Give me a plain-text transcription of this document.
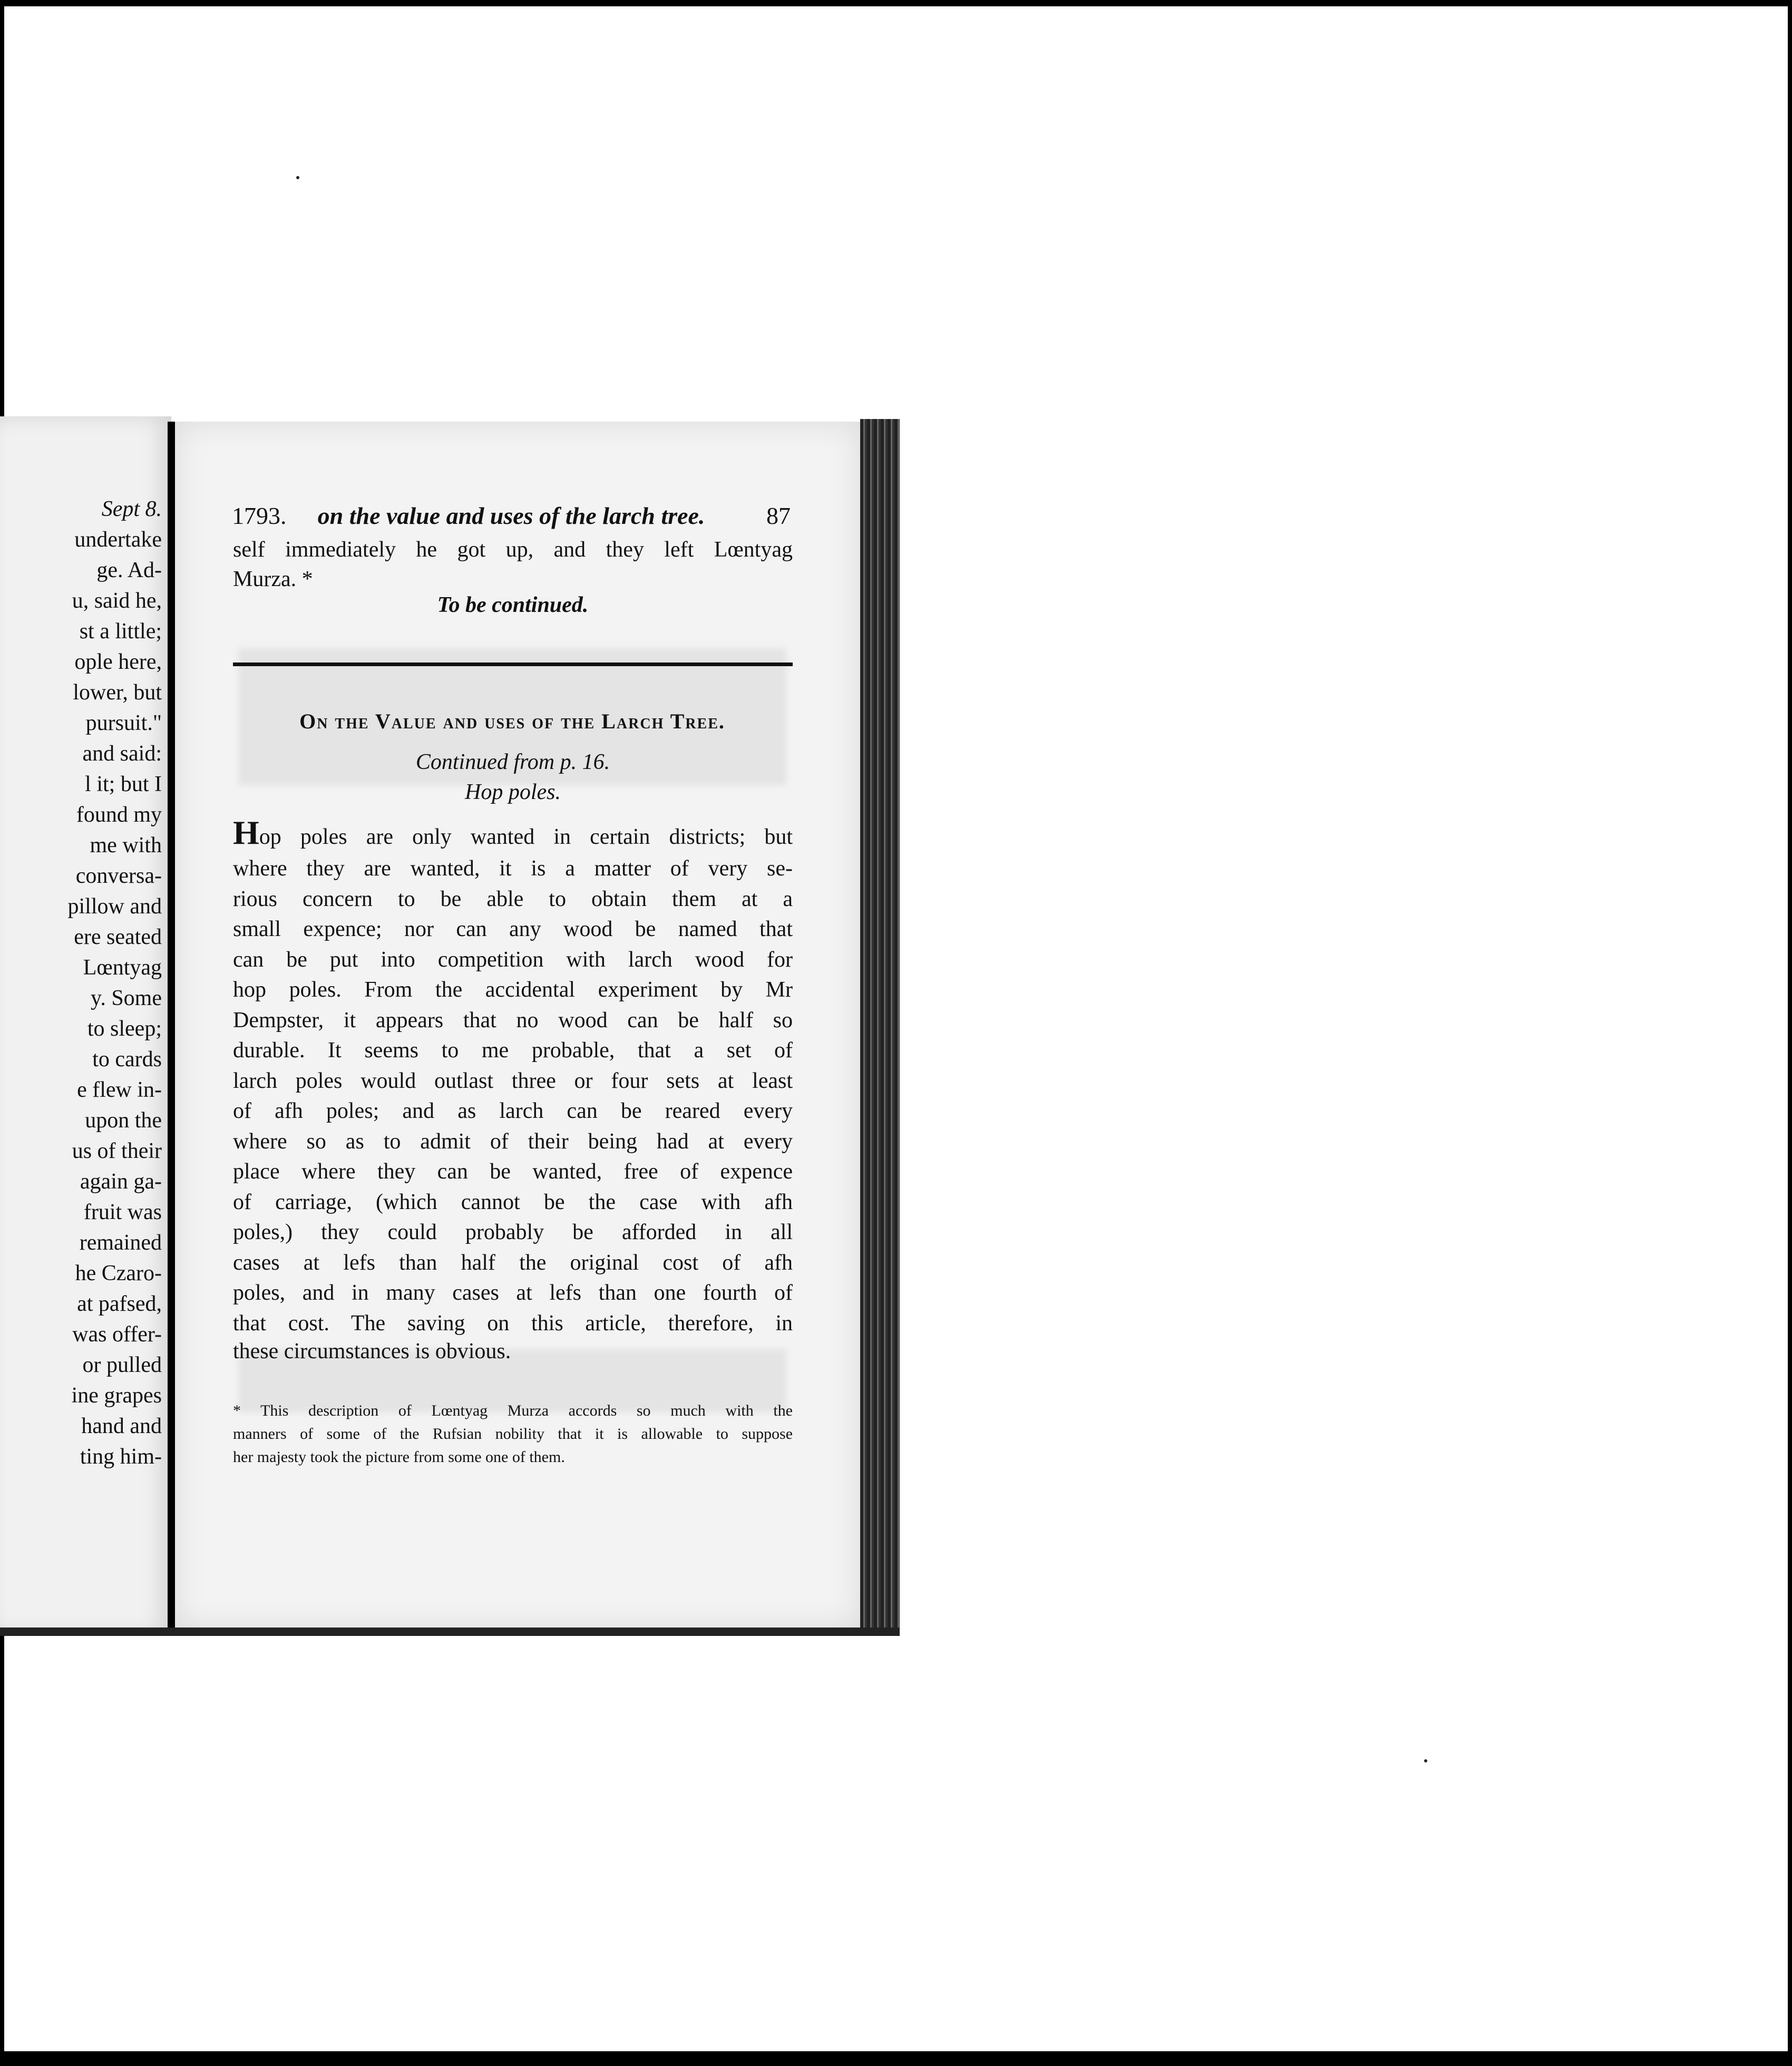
Sept 8.
undertake
ge. Ad-
u, said he,
st a little;
ople here,
lower, but
pursuit."
and said:
l it; but I
found my
me with
conversa-
pillow and
ere seated
Lœntyag
y. Some
to sleep;
to cards
e flew in-
upon the
us of their
again ga-
fruit was
remained
he Czaro-
at pafsed,
was offer-
or pulled
ine grapes
hand and
ting him-
1793.	on the value and uses of the larch tree.	87
self immediately he got up, and they left Lœntyag
Murza. *
To be continued.
On the Value and uses of the Larch Tree.
Continued from p. 16.
Hop poles.
Hop poles are only wanted in certain districts; but
where they are wanted, it is a matter of very se-
rious concern to be able to obtain them at a
small expence; nor can any wood be named that
can be put into competition with larch wood for
hop poles. From the accidental experiment by Mr
Dempster, it appears that no wood can be half so
durable. It seems to me probable, that a set of
larch poles would outlast three or four sets at least
of afh poles; and as larch can be reared every
where so as to admit of their being had at every
place where they can be wanted, free of expence
of carriage, (which cannot be the case with afh
poles,) they could probably be afforded in all
cases at lefs than half the original cost of afh
poles, and in many cases at lefs than one fourth of
that cost. The saving on this article, therefore, in
these circumstances is obvious.
* This description of Lœntyag Murza accords so much with the
manners of some of the Rufsian nobility that it is allowable to suppose
her majesty took the picture from some one of them.
